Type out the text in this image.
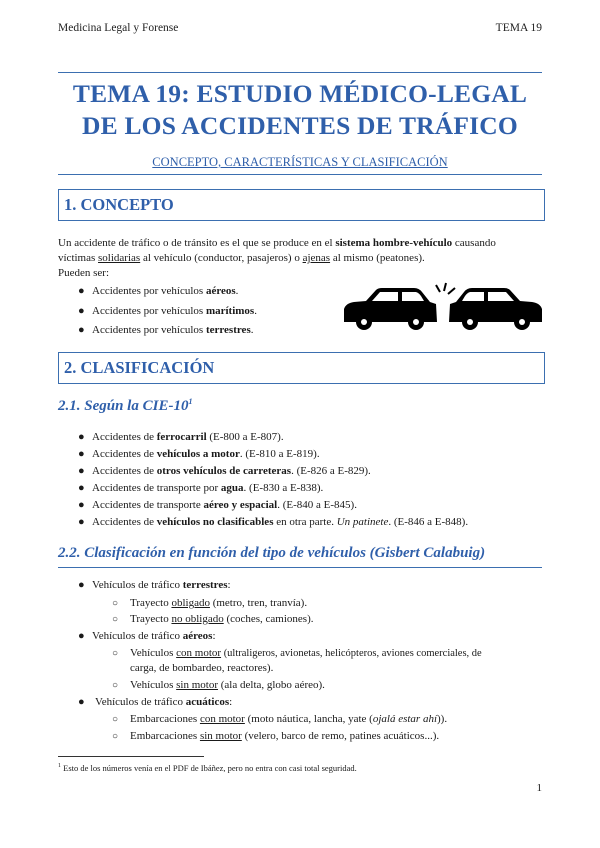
Medicina Legal y Forense	TEMA 19
TEMA 19: ESTUDIO MÉDICO-LEGAL
DE LOS ACCIDENTES DE TRÁFICO
CONCEPTO, CARACTERÍSTICAS Y CLASIFICACIÓN
1. CONCEPTO
Un accidente de tráfico o de tránsito es el que se produce en el sistema hombre-vehículo causando
víctimas solidarias al vehículo (conductor, pasajeros) o ajenas al mismo (peatones).
Pueden ser:
● Accidentes por vehículos aéreos.
● Accidentes por vehículos marítimos.
● Accidentes por vehículos terrestres.
2. CLASIFICACIÓN
2.1. Según la CIE-$10^1$
● Accidentes de ferrocarril (E-800 a E-807).
● Accidentes de vehículos a motor. (E-810 a E-819).
● Accidentes de otros vehículos de carreteras. (E-826 a E-829).
● Accidentes de transporte por agua. (E-830 a E-838).
● Accidentes de transporte aéreo y espacial. (E-840 a E-845).
● Accidentes de vehículos no clasificables en otra parte. Un patinete. (E-846 a E-848).
2.2. Clasificación en función del tipo de vehículos (Gisbert Calabuig)
● Vehículos de tráfico terrestres:
○ Trayecto obligado (metro, tren, tranvía).
○ Trayecto no obligado (coches, camiones).
● Vehículos de tráfico aéreos:
○ Vehículos con motor (ultraligeros, avionetas, helicópteros, aviones comerciales, de
carga, de bombardeo, reactores).
○ Vehículos sin motor (ala delta, globo aéreo).
● Vehículos de tráfico acuáticos:
○ Embarcaciones con motor (moto náutica, lancha, yate (ojalá estar ahí)).
○ Embarcaciones sin motor (velero, barco de remo, patines acuáticos...).
$^1$ Esto de los números venía en el PDF de Ibáñez, pero no entra con casi total seguridad.
1
